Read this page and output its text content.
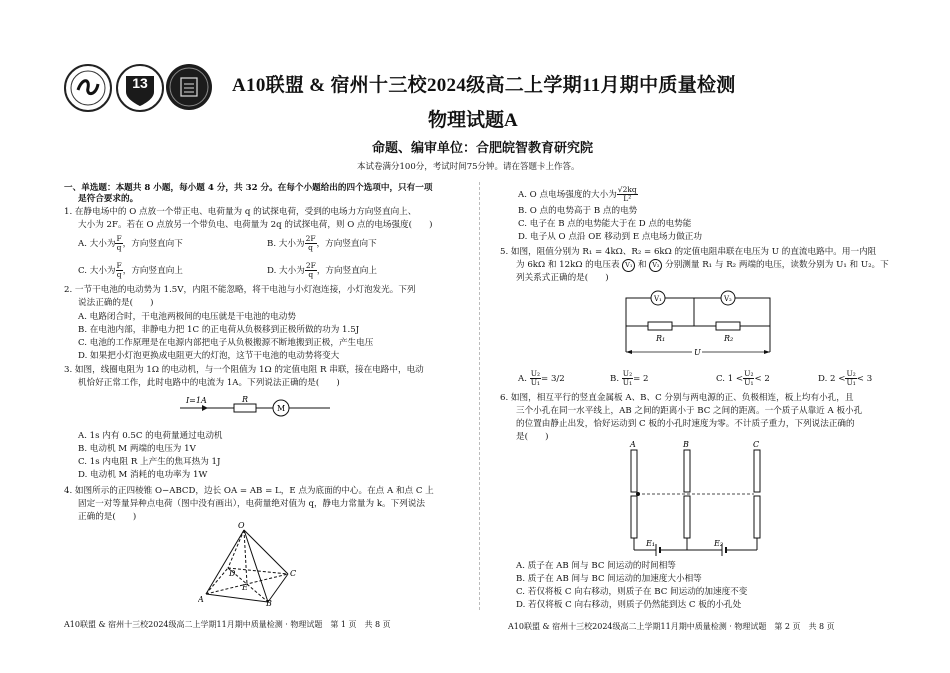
13	A10联盟 & 宿州十三校2024级高二上学期11月期中质量检测
物理试题A
命题、编审单位：合肥皖智教育研究院
本试卷满分100分，考试时间75分钟。请在答题卡上作答。
一、单选题：本题共 8 小题，每小题 4 分，共 32 分。在每个小题给出的四个选项中，只有一项
是符合要求的。
1. 在静电场中的 O 点放一个带正电、电荷量为 q 的试探电荷，受到的电场力方向竖直向上、
大小为 2F。若在 O 点放另一个带负电、电荷量为 2q 的试探电荷，则 O 点的电场强度(　　)
A. 大小为 $\frac{F}{q}$ ，方向竖直向下	B. 大小为 $\frac{2F}{q}$ ，方向竖直向下
C. 大小为 $\frac{F}{q}$ ，方向竖直向上	D. 大小为 $\frac{2F}{q}$ ，方向竖直向上
2. 一节干电池的电动势为 1.5V，内阻不能忽略，将干电池与小灯泡连接，小灯泡发光。下列
说法正确的是(　　)
A. 电路闭合时，干电池两极间的电压就是干电池的电动势
B. 在电池内部，非静电力把 1C 的正电荷从负极移到正极所做的功为 1.5J
C. 电池的工作原理是在电源内部把电子从负极搬源不断地搬到正极，产生电压
D. 如果把小灯泡更换成电阻更大的灯泡，这节干电池的电动势将变大
3. 如图，线圈电阻为 1Ω 的电动机，与一个阻值为 1Ω 的定值电阻 R 串联，接在电路中，电动
机恰好正常工作，此时电路中的电流为 1A。下列说法正确的是(　　)
I=1A	R
M
A. 1s 内有 0.5C 的电荷量通过电动机
B. 电动机 M 两端的电压为 1V
C. 1s 内电阻 R 上产生的焦耳热为 1J
D. 电动机 M 消耗的电功率为 1W
4. 如图所示的正四棱锥 O−ABCD，边长 OA = AB = L，E 点为底面的中心。在点 A 和点 C 上
固定一对等量异种点电荷（图中没有画出），电荷量绝对值为 q，静电力常量为 k。下列说法
正确的是(　　)
O
A	B
C
D
E
A10联盟 & 宿州十三校2024级高二上学期11月期中质量检测 · 物理试题　第 1 页　共 8 页
A. O 点电场强度的大小为 $\frac{√2kq}{\text{L²}}$
B. O 点的电势高于 B 点的电势
C. 电子在 B 点的电势能大于在 D 点的电势能
D. 电子从 O 点沿 OE 移动到 E 点电场力做正功
5. 如图，阻值分别为 R₁ = 4kΩ、R₂ = 6kΩ 的定值电阻串联在电压为 U 的直流电路中。用一内阻
为 6kΩ 和 12kΩ 的电压表 V₁ 和 V₂ 分别测量 R₁ 与 R₂ 两端的电压，读数分别为 U₁ 和 U₂。下
列关系式正确的是(　　)
V₁	V₂
R₁	R₂
U
A. $\frac{\text{U₂}}{\text{U₁}} = 3/2$	B. $\frac{\text{U₂}}{\text{U₁}} = 2$	C. $1 < \frac{\text{U₂}}{\text{U₁}} < 2$	D. $2 < \frac{\text{U₂}}{\text{U₁}} < 3$
6. 如图，相互平行的竖直金属板 A、B、C 分别与两电源的正、负极相连，板上均有小孔，且
三个小孔在同一水平线上，AB 之间的距离小于 BC 之间的距离。一个质子从靠近 A 板小孔
的位置由静止出发，恰好运动到 C 板的小孔时速度为零。不计质子重力，下列说法正确的
是(　　)
A	B	C
E₁	E₂
A. 质子在 AB 间与 BC 间运动的时间相等
B. 质子在 AB 间与 BC 间运动的加速度大小相等
C. 若仅将板 C 向右移动，则质子在 BC 间运动的加速度不变
D. 若仅将板 C 向右移动，则质子仍然能到达 C 板的小孔处
A10联盟 & 宿州十三校2024级高二上学期11月期中质量检测 · 物理试题　第 2 页　共 8 页
